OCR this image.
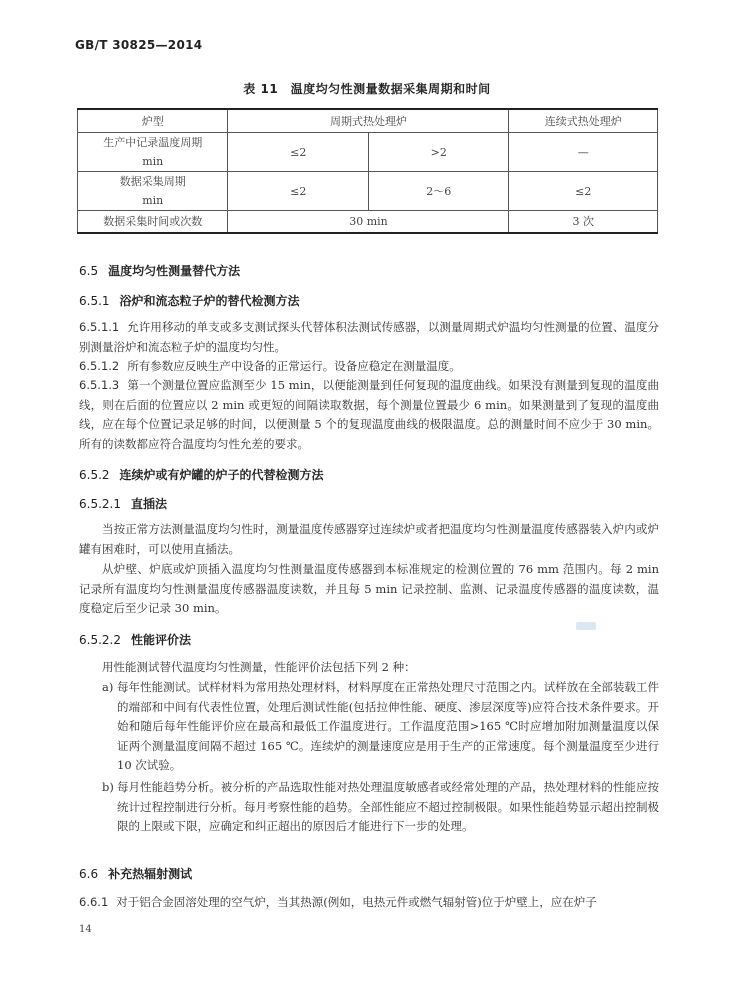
GB/T 30825—2014
表 11　温度均匀性测量数据采集周期和时间
炉型	周期式热处理炉		连续式热处理炉

生产中记录温度周期
min	≤2	>2	—

数据采集周期
min	≤2	2～6	≤2
数据采集时间或次数	30 min		3 次
6.5 温度均匀性测量替代方法
6.5.1 浴炉和流态粒子炉的替代检测方法
6.5.1.1 允许用移动的单支或多支测试探头代替体积法测试传感器，以测量周期式炉温均匀性测量的位置、温度分别测量浴炉和流态粒子炉的温度均匀性。
6.5.1.2 所有参数应反映生产中设备的正常运行。设备应稳定在测量温度。
6.5.1.3 第一个测量位置应监测至少 15 min，以便能测量到任何复现的温度曲线。如果没有测量到复现的温度曲线，则在后面的位置应以 2 min 或更短的间隔读取数据，每个测量位置最少 6 min。如果测量到了复现的温度曲线，应在每个位置记录足够的时间，以便测量 5 个的复现温度曲线的极限温度。总的测量时间不应少于 30 min。所有的读数都应符合温度均匀性允差的要求。
6.5.2 连续炉或有炉罐的炉子的代替检测方法
6.5.2.1 直插法
当按正常方法测量温度均匀性时，测量温度传感器穿过连续炉或者把温度均匀性测量温度传感器装入炉内或炉罐有困难时，可以使用直插法。
从炉壁、炉底或炉顶插入温度均匀性测量温度传感器到本标准规定的检测位置的 76 mm 范围内。每 2 min 记录所有温度均匀性测量温度传感器温度读数，并且每 5 min 记录控制、监测、记录温度传感器的温度读数，温度稳定后至少记录 30 min。
6.5.2.2 性能评价法
用性能测试替代温度均匀性测量，性能评价法包括下列 2 种：
a) 每年性能测试。试样材料为常用热处理材料，材料厚度在正常热处理尺寸范围之内。试样放在全部装载工件的端部和中间有代表性位置，处理后测试性能(包括拉伸性能、硬度、渗层深度等)应符合技术条件要求。开始和随后每年性能评价应在最高和最低工作温度进行。工作温度范围>165 ℃时应增加附加测量温度以保证两个测量温度间隔不超过 165 ℃。连续炉的测量速度应是用于生产的正常速度。每个测量温度至少进行 10 次试验。
b) 每月性能趋势分析。被分析的产品选取性能对热处理温度敏感者或经常处理的产品，热处理材料的性能应按统计过程控制进行分析。每月考察性能的趋势。全部性能应不超过控制极限。如果性能趋势显示超出控制极限的上限或下限，应确定和纠正超出的原因后才能进行下一步的处理。
6.6 补充热辐射测试
6.6.1 对于铝合金固溶处理的空气炉，当其热源(例如，电热元件或燃气辐射管)位于炉壁上，应在炉子
14
